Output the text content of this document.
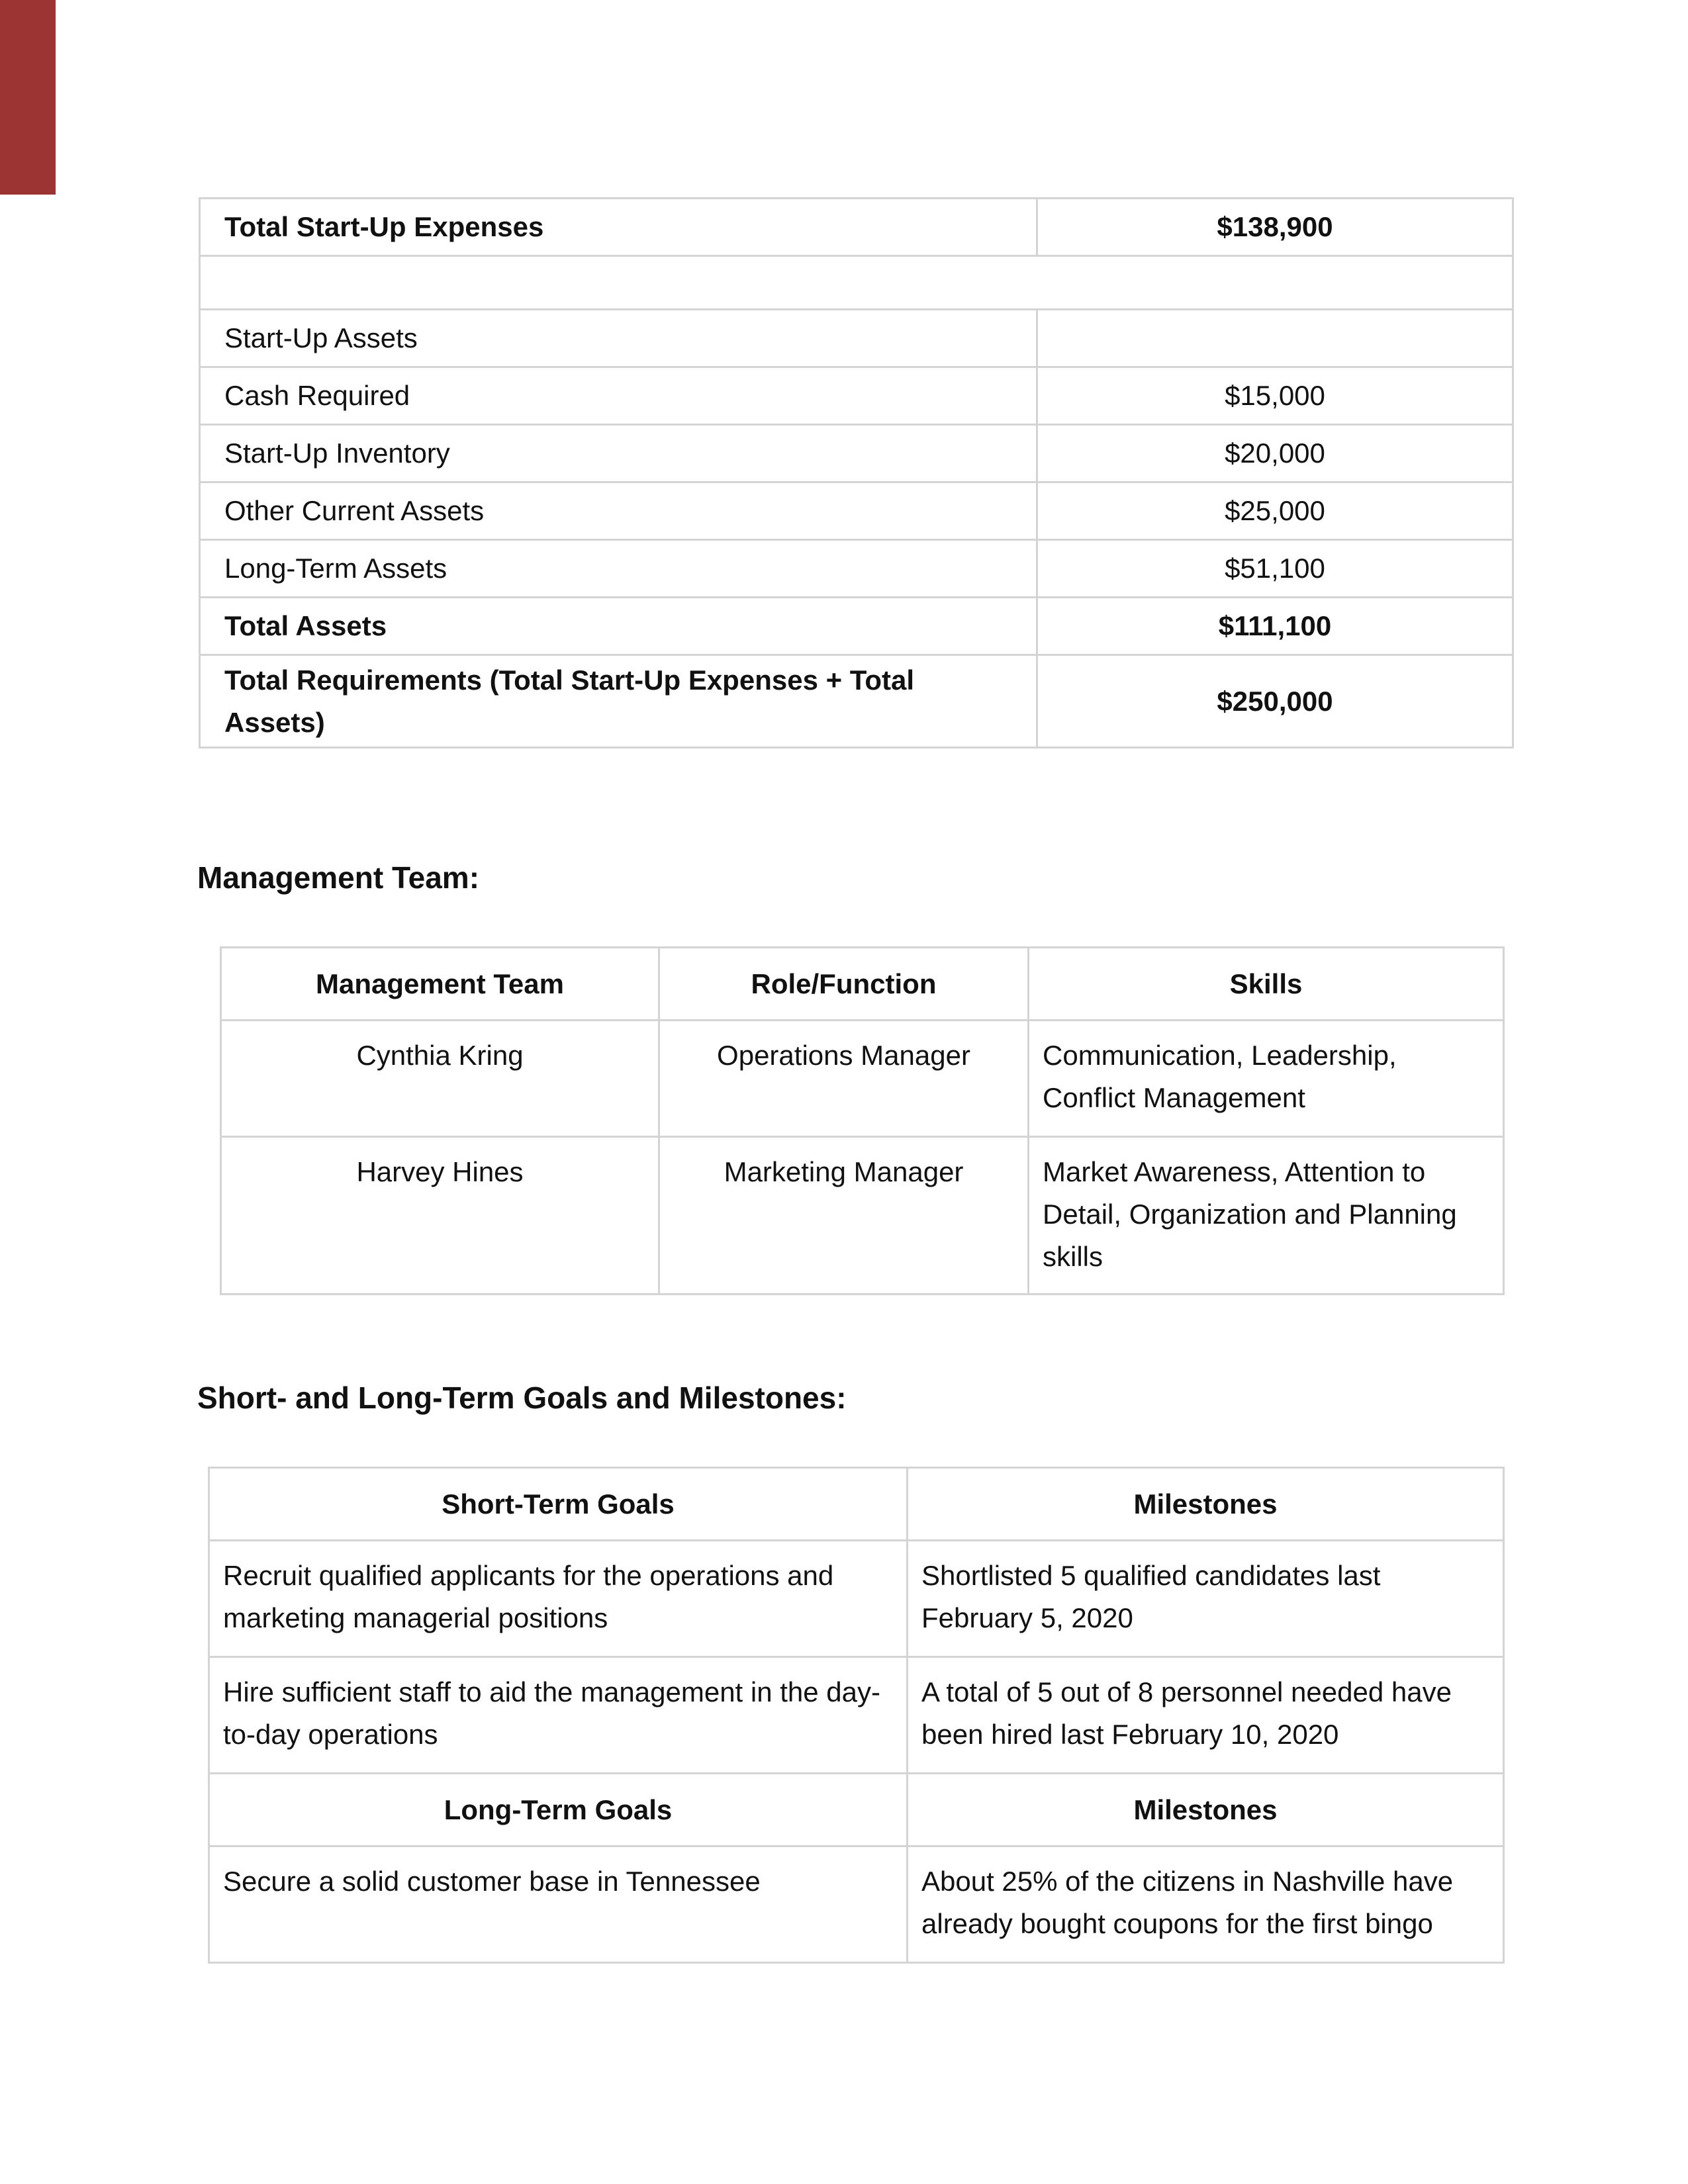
Total Start-Up Expenses	$138,900

Start-Up Assets	
Cash Required	$15,000
Start-Up Inventory	$20,000
Other Current Assets	$25,000
Long-Term Assets	$51,100
Total Assets	$111,100
Total Requirements (Total Start-Up Expenses + Total Assets)	$250,000
Management Team:
Management Team	Role/Function	Skills
Cynthia Kring	Operations Manager	Communication, Leadership, Conflict Management
Harvey Hines	Marketing Manager	Market Awareness, Attention to Detail, Organization and Planning skills
Short- and Long-Term Goals and Milestones:
Short-Term Goals	Milestones
Recruit qualified applicants for the operations and marketing managerial positions	Shortlisted 5 qualified candidates last February 5, 2020
Hire sufficient staff to aid the management in the day-to-day operations	A total of 5 out of 8 personnel needed have been hired last February 10, 2020
Long-Term Goals	Milestones
Secure a solid customer base in Tennessee	About 25% of the citizens in Nashville have already bought coupons for the first bingo
